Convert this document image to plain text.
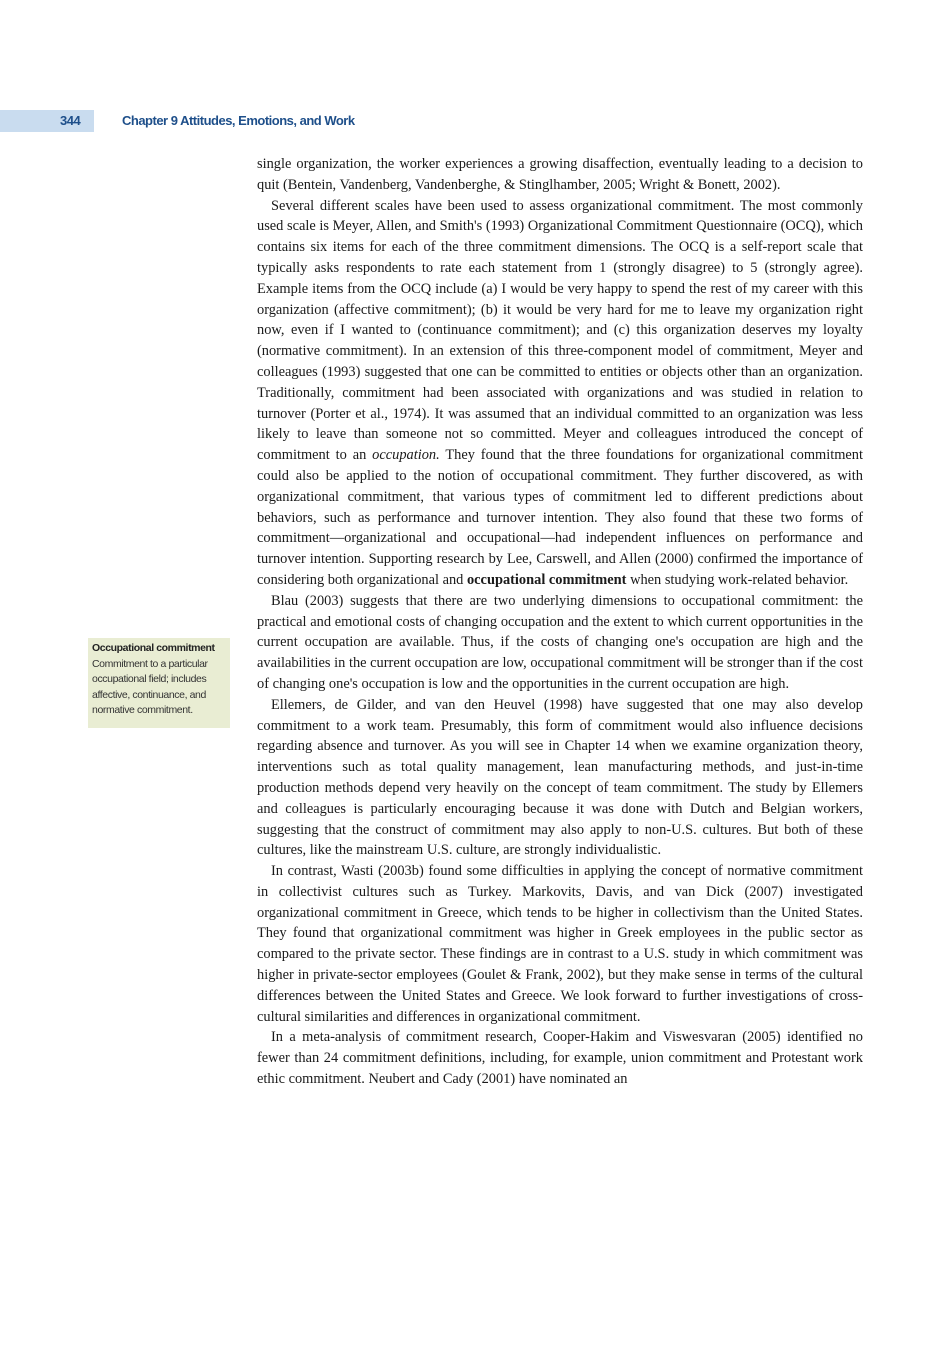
344	Chapter 9 Attitudes, Emotions, and Work
Occupational commitment
Commitment to a particular occupational field; includes affective, continuance, and normative commitment.

single organization, the worker experiences a growing disaffection, eventually leading to a decision to quit (Bentein, Vandenberg, Vandenberghe, & Stinglhamber, 2005; Wright & Bonett, 2002).

Several different scales have been used to assess organizational commitment. The most commonly used scale is Meyer, Allen, and Smith's (1993) Organizational Commitment Questionnaire (OCQ), which contains six items for each of the three commitment dimensions. The OCQ is a self-report scale that typically asks respondents to rate each statement from 1 (strongly disagree) to 5 (strongly agree). Example items from the OCQ include (a) I would be very happy to spend the rest of my career with this organization (affective commitment); (b) it would be very hard for me to leave my organization right now, even if I wanted to (continuance commitment); and (c) this organization deserves my loyalty (normative commitment). In an extension of this three-component model of commitment, Meyer and colleagues (1993) suggested that one can be committed to entities or objects other than an organization. Traditionally, commitment had been associated with organizations and was studied in relation to turnover (Porter et al., 1974). It was assumed that an individual committed to an organization was less likely to leave than someone not so committed. Meyer and colleagues introduced the concept of commitment to an occupation. They found that the three foundations for organizational commitment could also be applied to the notion of occupational commitment. They further discovered, as with organizational commitment, that various types of commitment led to different predictions about behaviors, such as performance and turnover intention. They also found that these two forms of commitment—organizational and occupational—had independent influences on performance and turnover intention. Supporting research by Lee, Carswell, and Allen (2000) confirmed the importance of considering both organizational and occupational commitment when studying work-related behavior.

Blau (2003) suggests that there are two underlying dimensions to occupational commitment: the practical and emotional costs of changing occupation and the extent to which current opportunities in the current occupation are available. Thus, if the costs of changing one's occupation are high and the availabilities in the current occupation are low, occupational commitment will be stronger than if the cost of changing one's occupation is low and the opportunities in the current occupation are high.

Ellemers, de Gilder, and van den Heuvel (1998) have suggested that one may also develop commitment to a work team. Presumably, this form of commitment would also influence decisions regarding absence and turnover. As you will see in Chapter 14 when we examine organization theory, interventions such as total quality management, lean manufacturing methods, and just-in-time production methods depend very heavily on the concept of team commitment. The study by Ellemers and colleagues is particularly encouraging because it was done with Dutch and Belgian workers, suggesting that the construct of commitment may also apply to non-U.S. cultures. But both of these cultures, like the mainstream U.S. culture, are strongly individualistic.

In contrast, Wasti (2003b) found some difficulties in applying the concept of normative commitment in collectivist cultures such as Turkey. Markovits, Davis, and van Dick (2007) investigated organizational commitment in Greece, which tends to be higher in collectivism than the United States. They found that organizational commitment was higher in Greek employees in the public sector as compared to the private sector. These findings are in contrast to a U.S. study in which commitment was higher in private-sector employees (Goulet & Frank, 2002), but they make sense in terms of the cultural differences between the United States and Greece. We look forward to further investigations of cross-cultural similarities and differences in organizational commitment.

In a meta-analysis of commitment research, Cooper-Hakim and Viswesvaran (2005) identified no fewer than 24 commitment definitions, including, for example, union commitment and Protestant work ethic commitment. Neubert and Cady (2001) have nominated an
